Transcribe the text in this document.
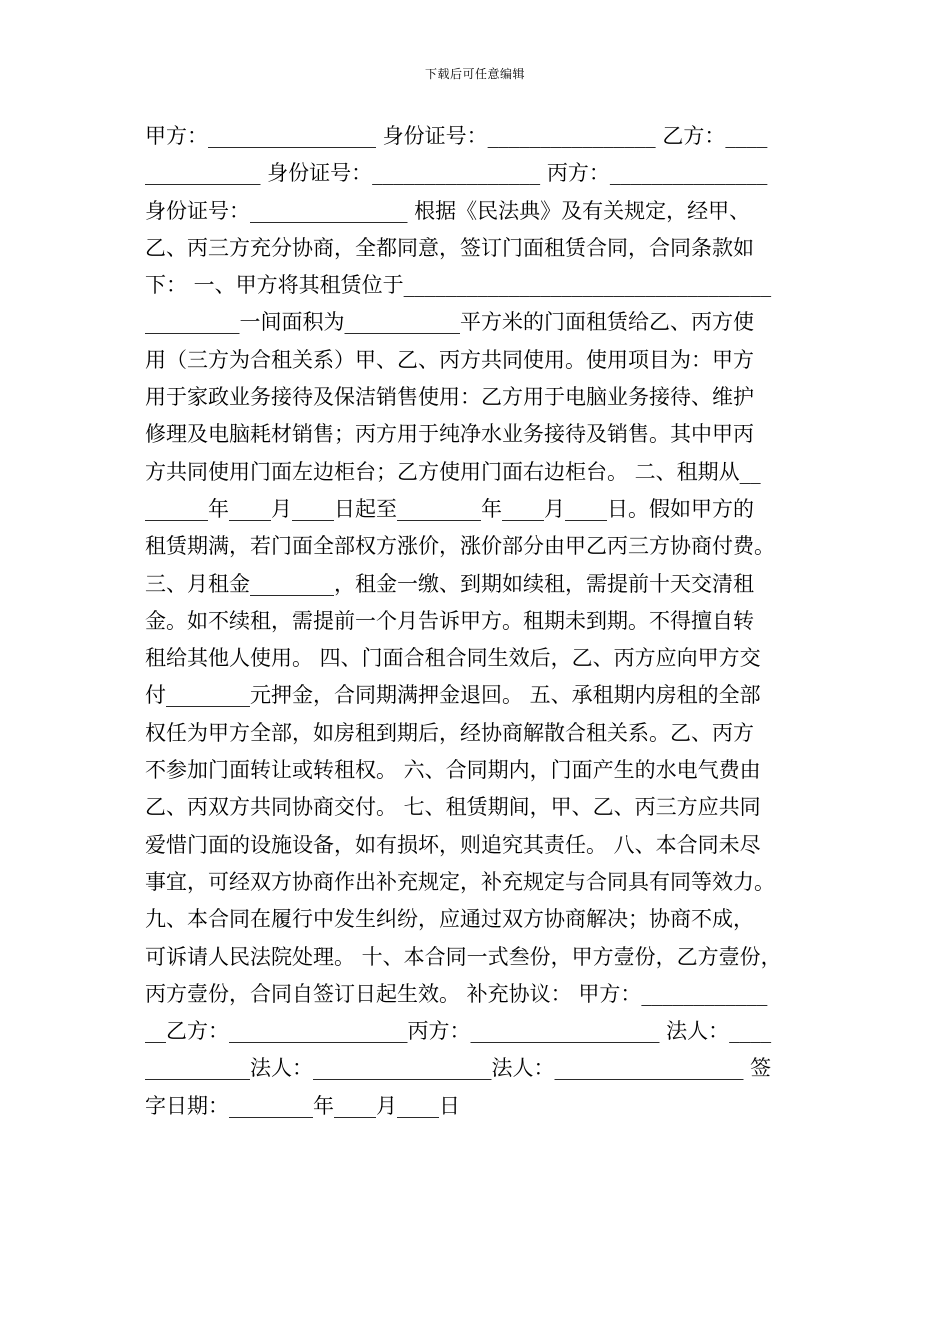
下载后可任意编辑
甲方：________________ 身份证号：________________ 乙方：____
___________ 身份证号：________________ 丙方：_______________
身份证号：_______________ 根据《民法典》及有关规定，经甲、
乙、丙三方充分协商，全都同意，签订门面租赁合同，合同条款如
下： 一、甲方将其租赁位于___________________________________
_________一间面积为___________平方米的门面租赁给乙、丙方使
用（三方为合租关系）甲、乙、丙方共同使用。使用项目为：甲方
用于家政业务接待及保洁销售使用：乙方用于电脑业务接待、维护
修理及电脑耗材销售；丙方用于纯净水业务接待及销售。其中甲丙
方共同使用门面左边柜台；乙方使用门面右边柜台。 二、租期从__
______年____月____日起至________年____月____日。假如甲方的
租赁期满，若门面全部权方涨价，涨价部分由甲乙丙三方协商付费。
三、月租金________，租金一缴、到期如续租，需提前十天交清租
金。如不续租，需提前一个月告诉甲方。租期未到期。不得擅自转
租给其他人使用。 四、门面合租合同生效后，乙、丙方应向甲方交
付________元押金，合同期满押金退回。 五、承租期内房租的全部
权任为甲方全部，如房租到期后，经协商解散合租关系。乙、丙方
不参加门面转让或转租权。 六、合同期内，门面产生的水电气费由
乙、丙双方共同协商交付。 七、租赁期间，甲、乙、丙三方应共同
爱惜门面的设施设备，如有损坏，则追究其责任。 八、本合同未尽
事宜，可经双方协商作出补充规定，补充规定与合同具有同等效力。
九、本合同在履行中发生纠纷，应通过双方协商解决；协商不成，
可诉请人民法院处理。 十、本合同一式叁份，甲方壹份，乙方壹份，
丙方壹份，合同自签订日起生效。 补充协议： 甲方：____________
__乙方：_________________丙方：__________________ 法人：____
__________法人：_________________法人：__________________ 签
字日期：________年____月____日
